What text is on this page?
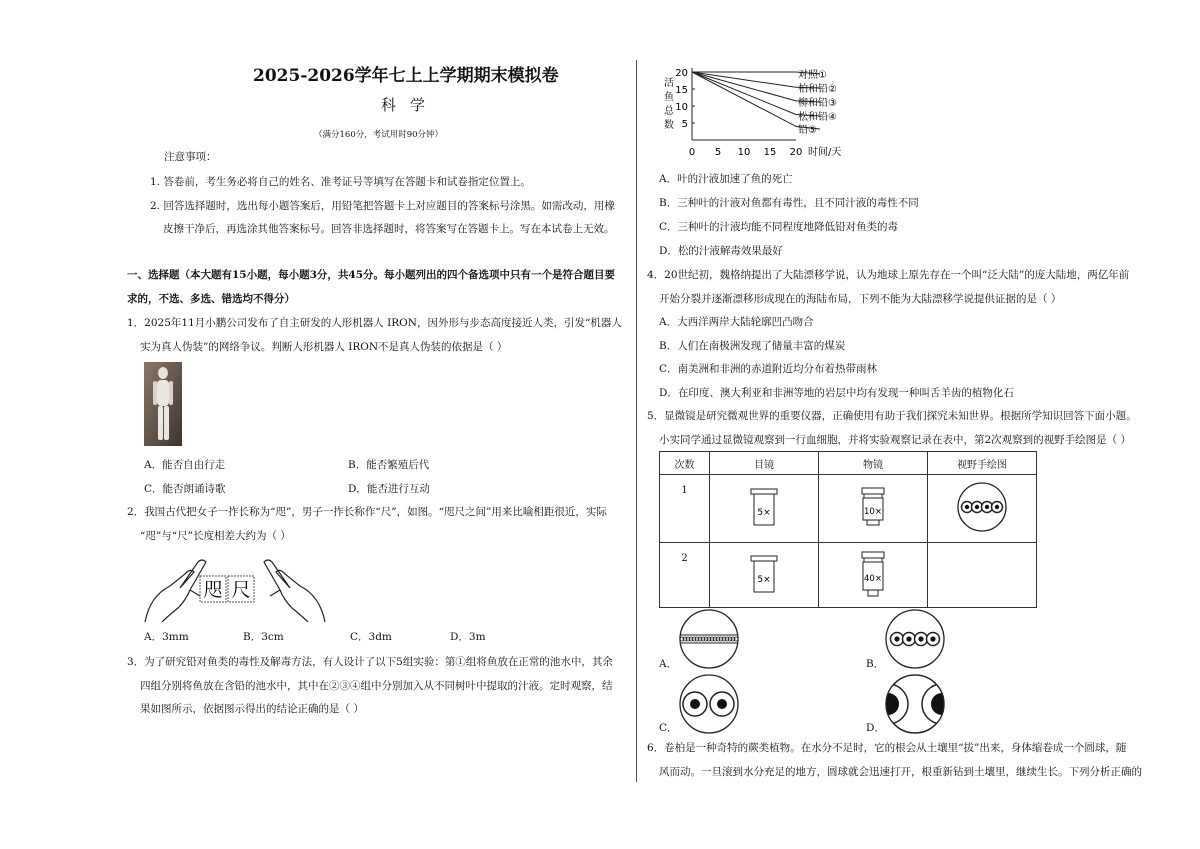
2025-2026学年七上上学期期末模拟卷
科学
（满分160分，考试用时90分钟）
注意事项：
1. 答卷前，考生务必将自己的姓名、准考证号等填写在答题卡和试卷指定位置上。
2. 回答选择题时，选出每小题答案后，用铅笔把答题卡上对应题目的答案标号涂黑。如需改动，用橡
皮擦干净后，再选涂其他答案标号。回答非选择题时，将答案写在答题卡上。写在本试卷上无效。
一、选择题（本大题有15小题，每小题3分，共45分。每小题列出的四个备选项中只有一个是符合题目要
求的，不选、多选、错选均不得分）
1．2025年11月小鹏公司发布了自主研发的人形机器人 IRON，因外形与步态高度接近人类，引发“机器人
实为真人伪装”的网络争议。判断人形机器人 IRON不是真人伪装的依据是（ ）
A．能否自由行走	B．能否繁殖后代
C．能否朗诵诗歌	D．能否进行互动
2．我国古代把女子一拃长称为“咫”，男子一拃长称作“尺”，如图。“咫尺之间”用来比喻相距很近，实际
“咫”与“尺”长度相差大约为（ ）
咫 尺
A．3mm	B．3cm	C．3dm	D．3m
3．为了研究铅对鱼类的毒性及解毒方法，有人设计了以下5组实验：第①组将鱼放在正常的池水中，其余
四组分别将鱼放在含铅的池水中，其中在②③④组中分别加入从不同树叶中提取的汁液。定时观察，结
果如图所示，依据图示得出的结论正确的是（ ）
活
鱼
总
数
0 5 10 15 20
20
15
10
5
对照①
柏和铅②
柳和铅③
松和铅④
铅⑤
时间/天
A．叶的汁液加速了鱼的死亡
B．三种叶的汁液对鱼都有毒性，且不同汁液的毒性不同
C．三种叶的汁液均能不同程度地降低铅对鱼类的毒
D．松的汁液解毒效果最好
4．20世纪初，魏格纳提出了大陆漂移学说，认为地球上原先存在一个叫“泛大陆”的庞大陆地，两亿年前
开始分裂并逐渐漂移形成现在的海陆布局，下列不能为大陆漂移学说提供证据的是（ ）
A．大西洋两岸大陆轮廓凹凸吻合
B．人们在南极洲发现了储量丰富的煤炭
C．南美洲和非洲的赤道附近均分布着热带雨林
D．在印度、澳大利亚和非洲等地的岩层中均有发现一种叫舌羊齿的植物化石
5．显微镜是研究微观世界的重要仪器，正确使用有助于我们探究未知世界。根据所学知识回答下面小题。
小实同学通过显微镜观察到一行血细胞，并将实验观察记录在表中，第2次观察到的视野手绘图是（ ）
次数	目镜	物镜	视野手绘图
1	5×	10×

2	5×	40×	

A．	B．
C．	D．
6．卷柏是一种奇特的蕨类植物。在水分不足时，它的根会从土壤里“拔”出来，身体缩卷成一个圆球，随
风而动。一旦滚到水分充足的地方，圆球就会迅速打开，根重新钻到土壤里，继续生长。下列分析正确的
